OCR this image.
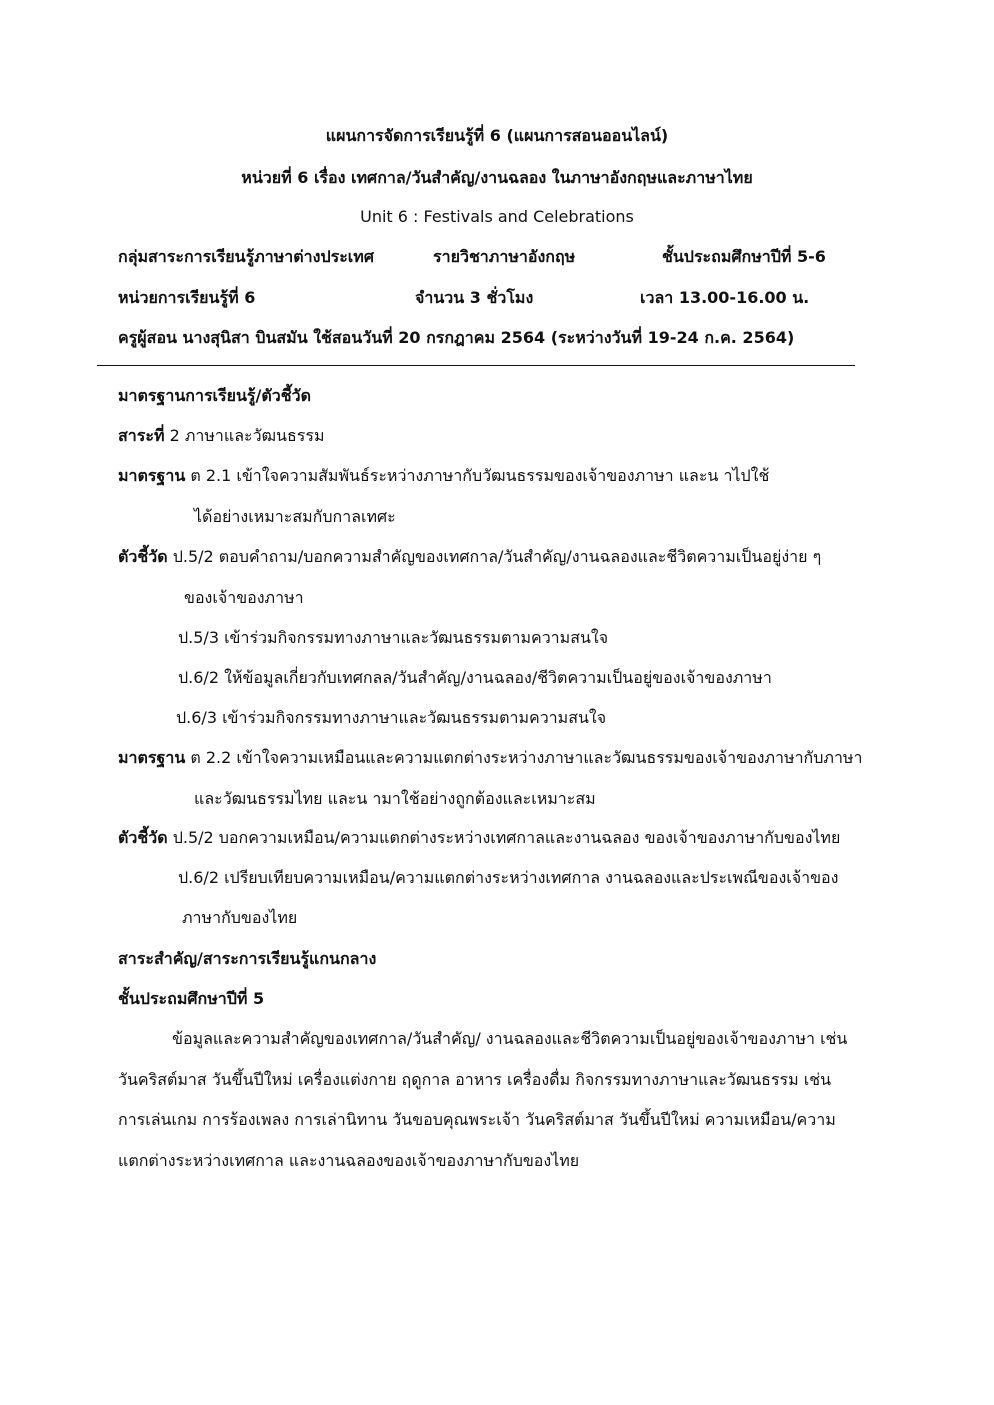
แผนการจัดการเรียนรู้ที่ 6 (แผนการสอนออนไลน์)
หน่วยที่ 6 เรื่อง เทศกาล/วันสำคัญ/งานฉลอง ในภาษาอังกฤษและภาษาไทย
Unit 6 : Festivals and Celebrations
กลุ่มสาระการเรียนรู้ภาษาต่างประเทศ	รายวิชาภาษาอังกฤษ	ชั้นประถมศึกษาปีที่ 5-6
หน่วยการเรียนรู้ที่ 6	จำนวน 3 ชั่วโมง	เวลา 13.00-16.00 น.
ครูผู้สอน นางสุนิสา บินสมัน ใช้สอนวันที่ 20 กรกฎาคม 2564 (ระหว่างวันที่ 19-24 ก.ค. 2564)
มาตรฐานการเรียนรู้/ตัวชี้วัด
สาระที่ 2 ภาษาและวัฒนธรรม
มาตรฐาน ต 2.1 เข้าใจความสัมพันธ์ระหว่างภาษากับวัฒนธรรมของเจ้าของภาษา และน าไปใช้
ได้อย่างเหมาะสมกับกาลเทศะ
ตัวชี้วัด ป.5/2 ตอบคำถาม/บอกความสำคัญของเทศกาล/วันสำคัญ/งานฉลองและชีวิตความเป็นอยู่ง่าย ๆ
ของเจ้าของภาษา
ป.5/3 เข้าร่วมกิจกรรมทางภาษาและวัฒนธรรมตามความสนใจ
ป.6/2 ให้ข้อมูลเกี่ยวกับเทศกลล/วันสำคัญ/งานฉลอง/ชีวิตความเป็นอยู่ของเจ้าของภาษา
ป.6/3 เข้าร่วมกิจกรรมทางภาษาและวัฒนธรรมตามความสนใจ
มาตรฐาน ต 2.2 เข้าใจความเหมือนและความแตกต่างระหว่างภาษาและวัฒนธรรมของเจ้าของภาษากับภาษา
และวัฒนธรรมไทย และน ามาใช้อย่างถูกต้องและเหมาะสม
ตัวชี้วัด ป.5/2 บอกความเหมือน/ความแตกต่างระหว่างเทศกาลและงานฉลอง ของเจ้าของภาษากับของไทย
ป.6/2 เปรียบเทียบความเหมือน/ความแตกต่างระหว่างเทศกาล งานฉลองและประเพณีของเจ้าของ
ภาษากับของไทย
สาระสำคัญ/สาระการเรียนรู้แกนกลาง
ชั้นประถมศึกษาปีที่ 5
ข้อมูลและความสำคัญของเทศกาล/วันสำคัญ/ งานฉลองและชีวิตความเป็นอยู่ของเจ้าของภาษา เช่น
วันคริสต์มาส วันขึ้นปีใหม่ เครื่องแต่งกาย ฤดูกาล อาหาร เครื่องดื่ม กิจกรรมทางภาษาและวัฒนธรรม เช่น
การเล่นเกม การร้องเพลง การเล่านิทาน วันขอบคุณพระเจ้า วันคริสต์มาส วันขึ้นปีใหม่ ความเหมือน/ความ
แตกต่างระหว่างเทศกาล และงานฉลองของเจ้าของภาษากับของไทย
